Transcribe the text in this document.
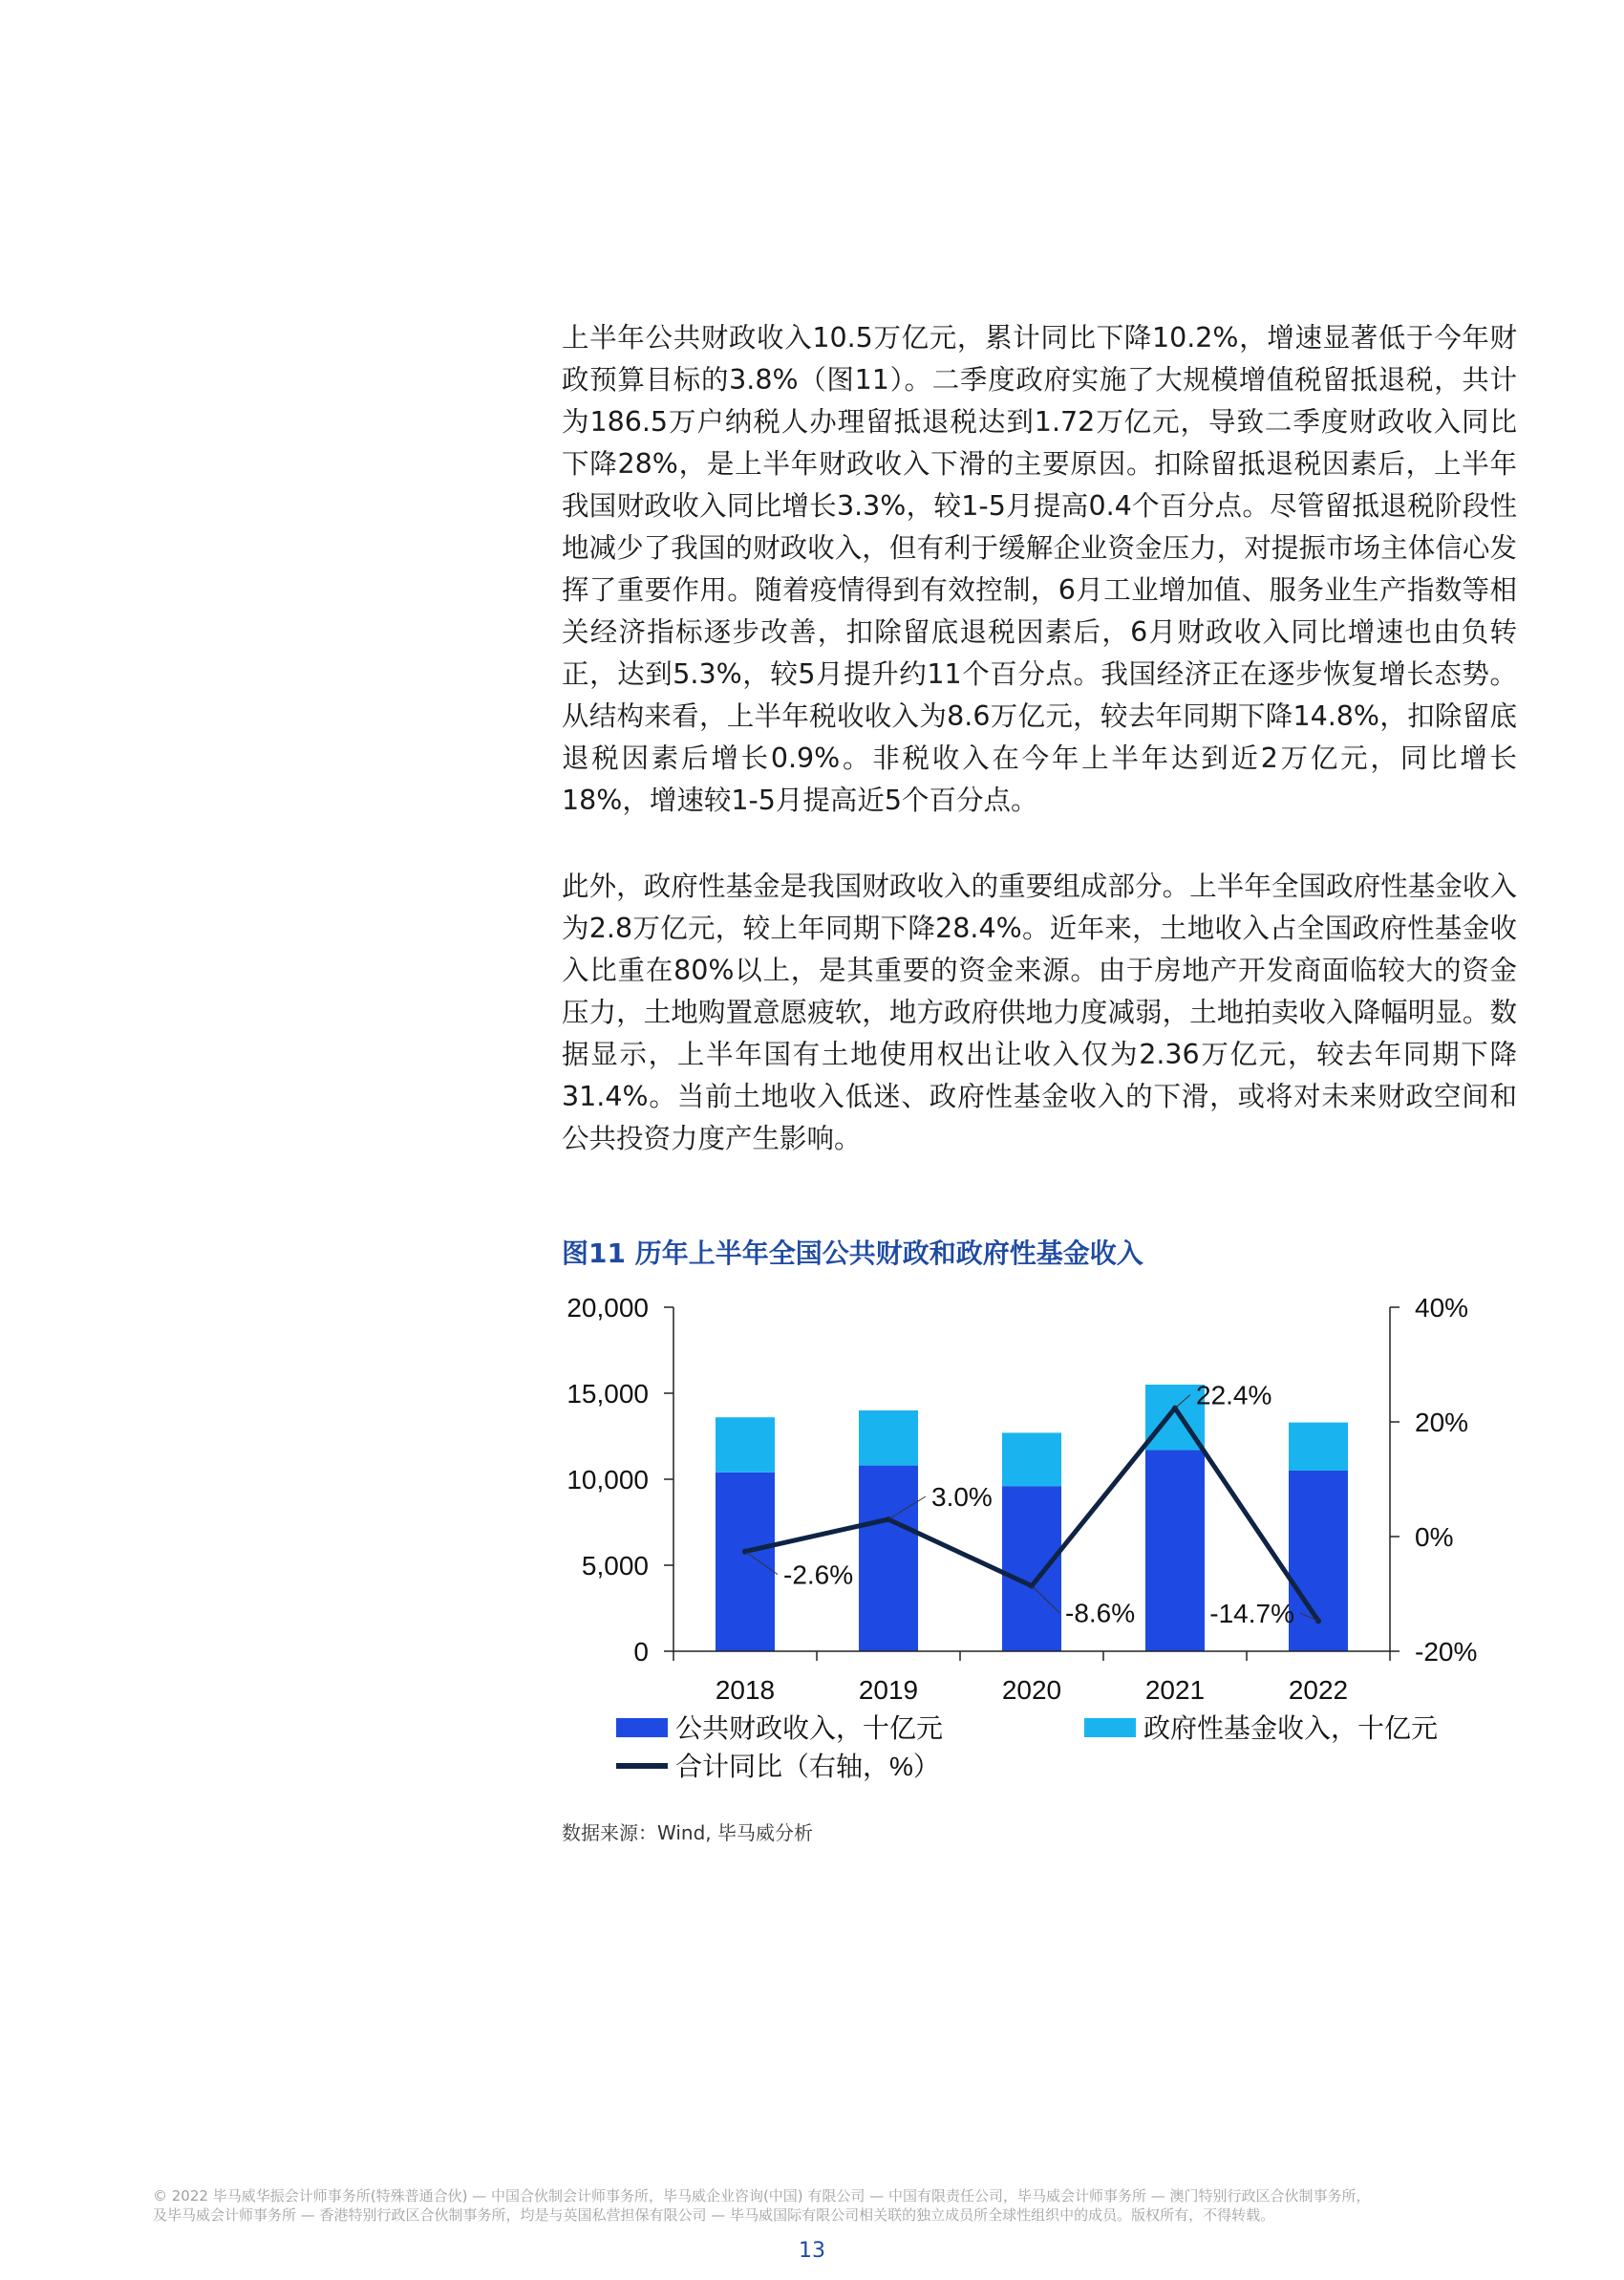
上半年公共财政收入10.5万亿元，累计同比下降10.2%，增速显著低于今年财政预算目标的3.8%（图11）。二季度政府实施了大规模增值税留抵退税，共计为186.5万户纳税人办理留抵退税达到1.72万亿元，导致二季度财政收入同比下降28%，是上半年财政收入下滑的主要原因。扣除留抵退税因素后，上半年我国财政收入同比增长3.3%，较1-5月提高0.4个百分点。尽管留抵退税阶段性地减少了我国的财政收入，但有利于缓解企业资金压力，对提振市场主体信心发挥了重要作用。随着疫情得到有效控制，6月工业增加值、服务业生产指数等相关经济指标逐步改善，扣除留底退税因素后，6月财政收入同比增速也由负转正，达到5.3%，较5月提升约11个百分点。我国经济正在逐步恢复增长态势。从结构来看，上半年税收收入为8.6万亿元，较去年同期下降14.8%，扣除留底退税因素后增长0.9%。非税收入在今年上半年达到近2万亿元，同比增长18%，增速较1-5月提高近5个百分点。

此外，政府性基金是我国财政收入的重要组成部分。上半年全国政府性基金收入为2.8万亿元，较上年同期下降28.4%。近年来，土地收入占全国政府性基金收入比重在80%以上，是其重要的资金来源。由于房地产开发商面临较大的资金压力，土地购置意愿疲软，地方政府供地力度减弱，土地拍卖收入降幅明显。数据显示，上半年国有土地使用权出让收入仅为2.36万亿元，较去年同期下降31.4%。当前土地收入低迷、政府性基金收入的下滑，或将对未来财政空间和公共投资力度产生影响。

图11 历年上半年全国公共财政和政府性基金收入

20,000
15,000
10,000
5,000
0
40%
20%
0%
-20%
2018	2019	2020	2021	2022
-2.6%
3.0%
-8.6%
22.4%
-14.7%
公共财政收入，十亿元	政府性基金收入，十亿元
合计同比（右轴，%）

数据来源：Wind, 毕马威分析

© 2022 毕马威华振会计师事务所(特殊普通合伙) — 中国合伙制会计师事务所，毕马威企业咨询(中国) 有限公司 — 中国有限责任公司，毕马威会计师事务所 — 澳门特别行政区合伙制事务所，
及毕马威会计师事务所 — 香港特别行政区合伙制事务所，均是与英国私营担保有限公司 — 毕马威国际有限公司相关联的独立成员所全球性组织中的成员。版权所有，不得转载。

13
